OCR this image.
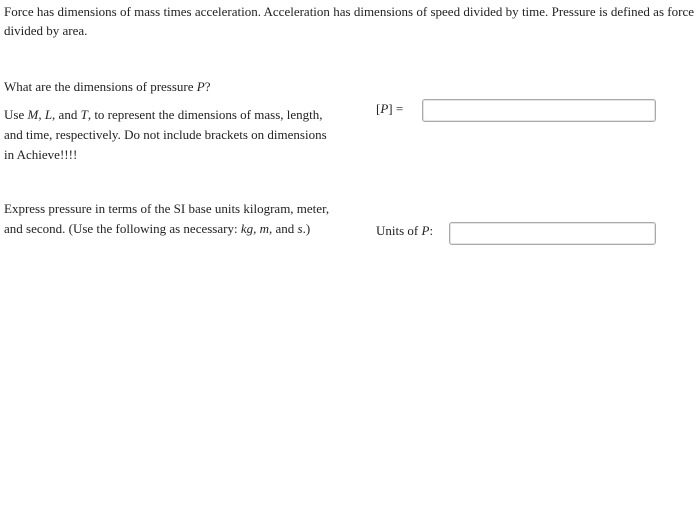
Force has dimensions of mass times acceleration. Acceleration has dimensions of speed divided by time. Pressure is defined as force divided by area.
What are the dimensions of pressure P?
Use M, L, and T, to represent the dimensions of mass, length, and time, respectively. Do not include brackets on dimensions in Achieve!!!!
[P] =
Express pressure in terms of the SI base units kilogram, meter, and second. (Use the following as necessary: kg, m, and s.)	Units of P:
